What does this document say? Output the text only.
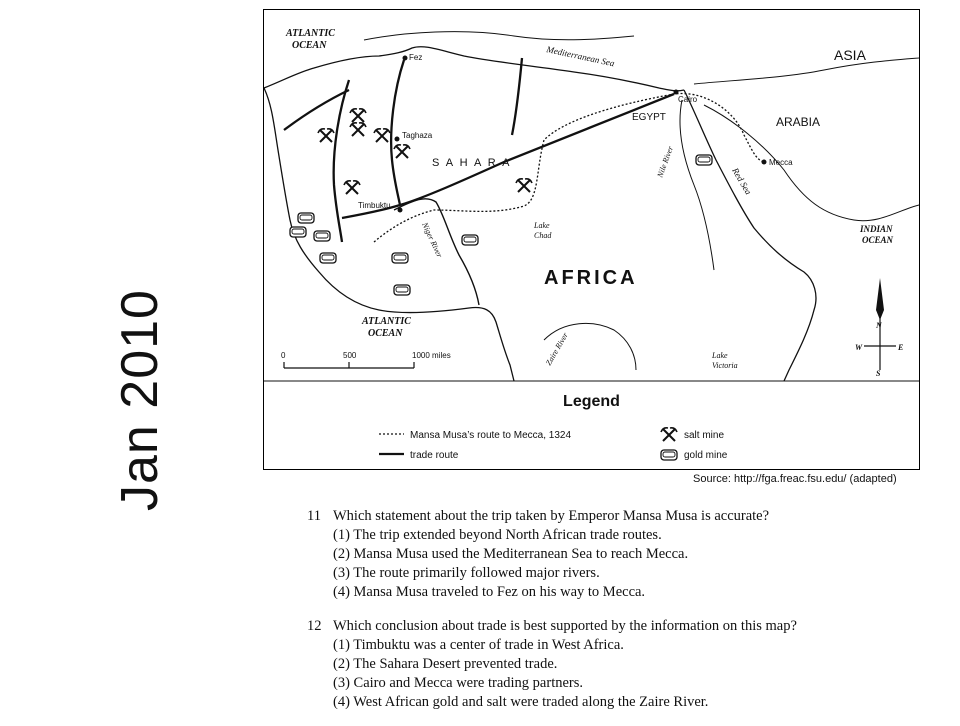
Jan 2010
ATLANTIC
OCEAN
ATLANTIC
OCEAN
INDIAN
OCEAN
ASIA
ARABIA
EGYPT
AFRICA
S A H A R A
Mediterranean Sea
Red Sea
Nile River
Niger River
Zaire River
Lake
Chad
Lake
Victoria
Fez
Taghaza
Timbuktu
Cairo
Mecca
0	500	1000 miles
N
W	E
S
Mansa Musa’s route to Mecca, 1324
trade route
salt mine
gold mine
Legend
Source: http://fga.freac.fsu.edu/ (adapted)
11 Which statement about the trip taken by Emperor Mansa Musa is accurate?
(1) The trip extended beyond North African trade routes.
(2) Mansa Musa used the Mediterranean Sea to reach Mecca.
(3) The route primarily followed major rivers.
(4) Mansa Musa traveled to Fez on his way to Mecca.
12 Which conclusion about trade is best supported by the information on this map?
(1) Timbuktu was a center of trade in West Africa.
(2) The Sahara Desert prevented trade.
(3) Cairo and Mecca were trading partners.
(4) West African gold and salt were traded along the Zaire River.
